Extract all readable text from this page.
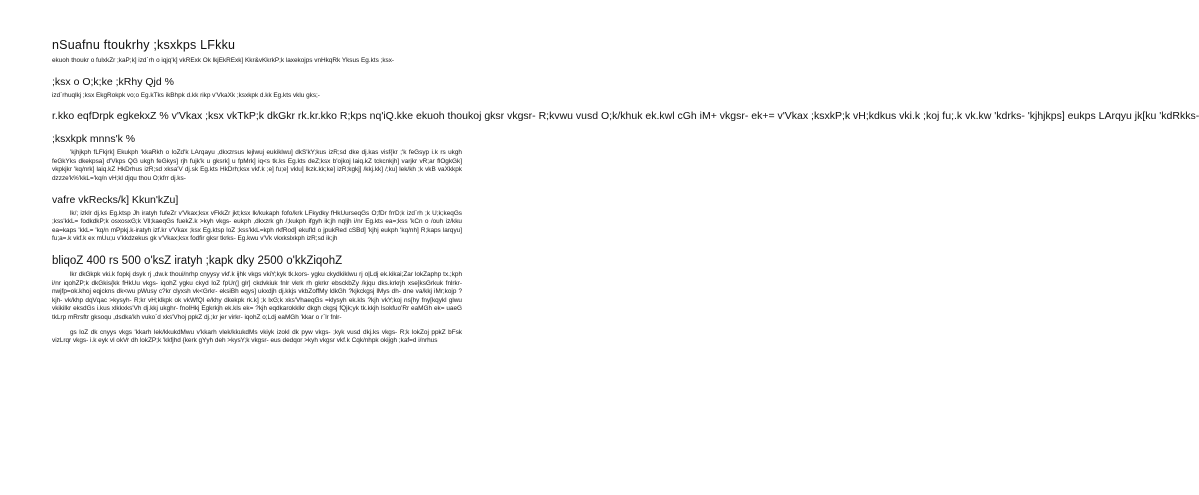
nSuafnu ftoukrhy ;ksxkps LFkku

ekuoh thoukr o fulxkZr ;kaP;k] izd`rh o iqjq'k] vkRExk Ok lkjEkRExk] Kkr&vKkrkP;k laxekojps vnHkqRk Yksus Eg.kts ;ksx-

;ksx o O;k;ke ;kRhy Qjd %

izd`rhuqlkj ;ksx EkgRokpk vo;o Eg.kTks ikBhpk d.kk rikp v'VkaXk ;ksxkpk d.kk Eg.kts vklu gks;-

r.kko eqfDrpk egkekxZ % v'Vkax ;ksx vkTkP;k dkGkr rk.kr.kko R;kps nq'iQ.kke ekuoh thoukoj gksr vkgsr- R;kvwu vusd O;k/khuk ek.kwl cGh iM+ vkgsr- ek+= v'Vkax ;ksxkP;k vH;kdkus vki.k ;koj fu;.k vk.kw 'kdrks- 'kjhjkps] eukps LArqyu jk[ku 'kdRkks-

;ksxkpk mnns'k %

'kjhjkph fLFkjrk] Ekukph 'kkaRkh o loZd'k LArqayu ,dkxzrsus lejlwuj eukiklwu] dkS'kY;kus izR;sd dke dj.kas visf{kr ;'k feGsyp i.k rs ukgh feGkYks dkekpsa] d'Vkps QG ukgh feGkys] rjh fujk'k u gksrk] u fpMrk] iq<s tk.ks Eg.kts deZ;ksx b'ojkoj laiq.kZ tckcnkjh] varjkr vR;ar flOgkGk] vkpkjkr 'kq/nrk] laiq.kZ HkDrhus izR;sd xksa'V dj.sk Eg.kts HkDrh;ksx vkf.k ;e] fu;e] vklu] lkzk.kk;ke] izR;kgkj] /kkj.kk] /;ku] lek/kh ;k vkB vaXkkpk dzzze'k%'kkL='kq/n vH;kl djqu thou O;kfrr dj.ks-

vafre vkRecks/k] Kkun'kZu]

lk/; izklr dj.ks Eg.ktsp Jh iratyh fufeZr v'Vkax;ksx vFkkZr jkt;ksx lk/kukaph fofo/krk LFkydky fHkUurseqGs O;fDr frrD;k izd`rh ;k U;k;keqGs ;kss'kkL= fodkdkP;k osxosxG;k Vll;kaeqGs fuekZ.k >kyh vkgs- eukph ,dkxzrk gh /;kukph ifgyh ik;jh nqljh i/nr Eg.kts ea=;kss 'kCn o /ouh iz/kku ea=kaps 'kkL= 'kq/n mPpkj.k-iratyh izf.kr v'Vkax ;ksx Eg.ktsp loZ ;kss'kkL=kph rkfRod] ekufld o jpukRed cSBd] 'kjhj eukph 'kq/nh] R;kaps larqyu] fu;a=.k vkf.k ex mUu;u v'kkdzekus gk v'Vkax;ksx fodfir gksr tkrks- Eg.kwu v'Vk vkxkslxkph izR;sd ik;jh

bliqoZ 400 rs 500 o'ksZ iratyh ;kapk dky 2500 o'kkZiqohZ

lkr dkGkpk vki.k fopkj dsyk rj ,dw.k thoui/nrhp cnyysy vkf.k ijhk vkgs vkiY;kyk tk.kors- ygku ckydkiklwu rj o|Ldj ek.kikai;Zar lokZaphp tx.;kph i/nr iqohZP;k dkGkis{kk fHkUu vkgs- iqohZ ygku ckyd loZ fpUr(] glr] ckdvkiuk fnlr vkrk rh gkrkr ebsckbZy /kjqu dks.krkrjh xse]ksGrkuk fnlrkr- nwjfp=ok.khoj eqjckns dk<wu pWusy c?kr clyxsh vk<Grkr- eksiBh eqys] ukxdjh dj.kkjs vkbZoffMy ldkGh ?kjkckgsj lMys dh- dne va/kkj iMr;kojp ?kjh- vk/khp dqVqac >kysyh- R;kr vH;klkpk ok vkWfQl e/khy dkekpk rk.k] ;k lxG;k xks'VhaeqGs =klysyh ek.kls ?kjh vkY;koj ns[hy fny[kqykl glwu vkikilkr eksdGs i.kus xlkkxks'Vh dj.kkj ukghr- fnolHkj Egkrkjh ek.kls ek= ?kjh eqdkarokklkr dkgh ckgsj fQjk;yk tk.kkjh lsokfuo'Rr eaMGh ek= uaeG tkLrp mRrsftr gksoqu ,dsdka'kh vuko`d xks'Vhoj ppkZ dj.;kr jer virkr- iqohZ o;Ldj eaMGh 'kkar o r`lr fnlr-

gs loZ dk cnyys vkgs 'kkarh lek/kkukdMwu v'kkarh vlek/kkukdMs vkiyk izokl dk pyw vkgs- ;kyk vusd dkj.ks vkgs- R;k lokZoj ppkZ bFsk vizLrqr vkgs- i.k eyk vl okVr dh lokZP;k 'kkfjhd {kerk gYyh deh >kysY;k vkgsr- eus dedqor >kyh vkgsr vkf.k Cqk/nhpk okijgh ;kaf=d i/nrhus
